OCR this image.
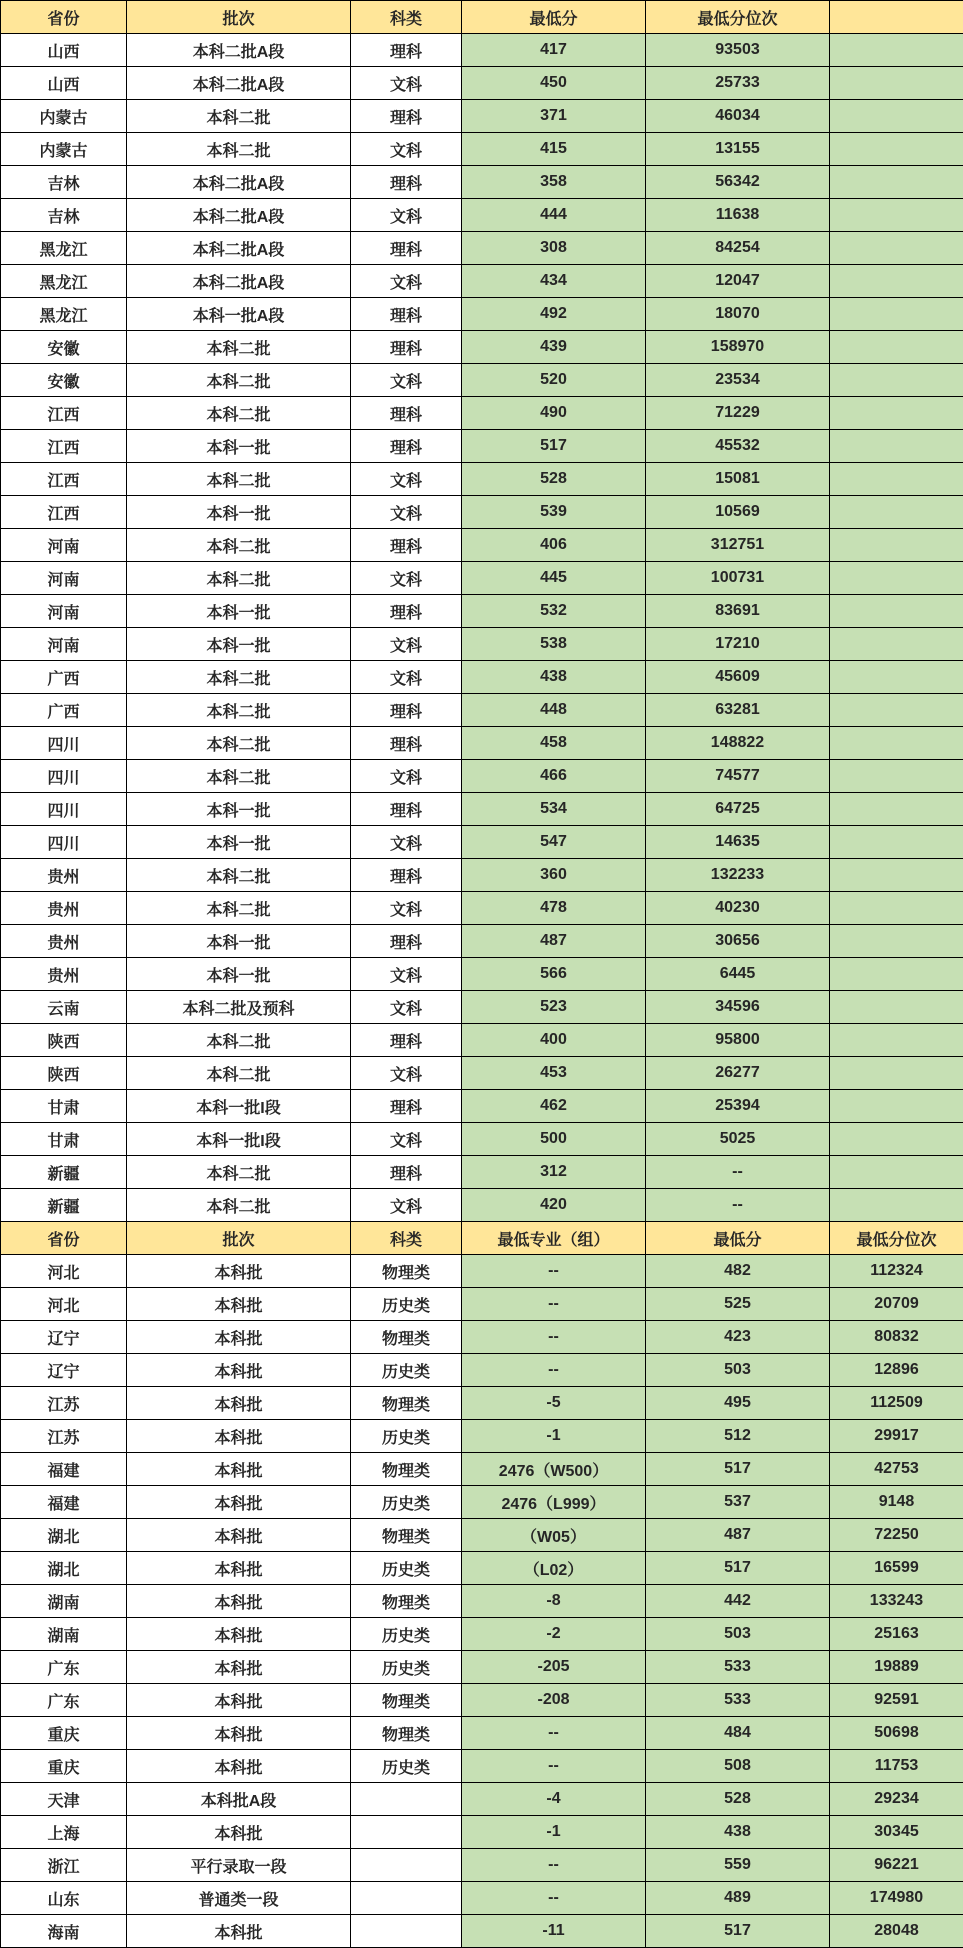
省份	批次	科类	最低分	最低分位次	
山西	本科二批A段	理科	417	93503	
山西	本科二批A段	文科	450	25733	
内蒙古	本科二批	理科	371	46034	
内蒙古	本科二批	文科	415	13155	
吉林	本科二批A段	理科	358	56342	
吉林	本科二批A段	文科	444	11638	
黑龙江	本科二批A段	理科	308	84254	
黑龙江	本科二批A段	文科	434	12047	
黑龙江	本科一批A段	理科	492	18070	
安徽	本科二批	理科	439	158970	
安徽	本科二批	文科	520	23534	
江西	本科二批	理科	490	71229	
江西	本科一批	理科	517	45532	
江西	本科二批	文科	528	15081	
江西	本科一批	文科	539	10569	
河南	本科二批	理科	406	312751	
河南	本科二批	文科	445	100731	
河南	本科一批	理科	532	83691	
河南	本科一批	文科	538	17210	
广西	本科二批	文科	438	45609	
广西	本科二批	理科	448	63281	
四川	本科二批	理科	458	148822	
四川	本科二批	文科	466	74577	
四川	本科一批	理科	534	64725	
四川	本科一批	文科	547	14635	
贵州	本科二批	理科	360	132233	
贵州	本科二批	文科	478	40230	
贵州	本科一批	理科	487	30656	
贵州	本科一批	文科	566	6445	
云南	本科二批及预科	文科	523	34596	
陕西	本科二批	理科	400	95800	
陕西	本科二批	文科	453	26277	
甘肃	本科一批I段	理科	462	25394	
甘肃	本科一批I段	文科	500	5025	
新疆	本科二批	理科	312	--	
新疆	本科二批	文科	420	--	
省份	批次	科类	最低专业（组）	最低分	最低分位次
河北	本科批	物理类	--	482	112324
河北	本科批	历史类	--	525	20709
辽宁	本科批	物理类	--	423	80832
辽宁	本科批	历史类	--	503	12896
江苏	本科批	物理类	-5	495	112509
江苏	本科批	历史类	-1	512	29917
福建	本科批	物理类	2476（W500）	517	42753
福建	本科批	历史类	2476（L999）	537	9148
湖北	本科批	物理类	（W05）	487	72250
湖北	本科批	历史类	（L02）	517	16599
湖南	本科批	物理类	-8	442	133243
湖南	本科批	历史类	-2	503	25163
广东	本科批	历史类	-205	533	19889
广东	本科批	物理类	-208	533	92591
重庆	本科批	物理类	--	484	50698
重庆	本科批	历史类	--	508	11753
天津	本科批A段		-4	528	29234
上海	本科批		-1	438	30345
浙江	平行录取一段		--	559	96221
山东	普通类一段		--	489	174980
海南	本科批		-11	517	28048
